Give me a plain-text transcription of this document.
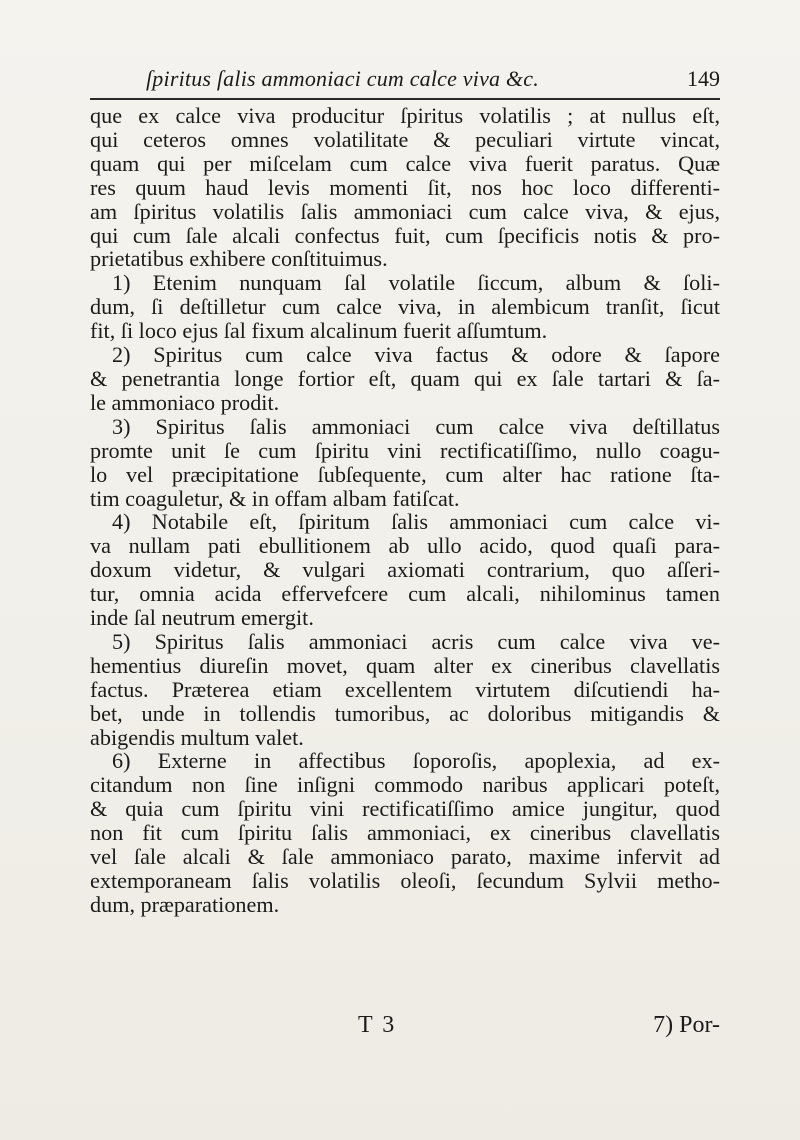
ſpiritus ſalis ammoniaci cum calce viva &c.	149
que ex calce viva producitur ſpiritus volatilis ; at nullus eſt,
qui ceteros omnes volatilitate & peculiari virtute vincat,
quam qui per miſcelam cum calce viva fuerit paratus. Quæ
res quum haud levis momenti ſit, nos hoc loco differenti-
am ſpiritus volatilis ſalis ammoniaci cum calce viva, & ejus,
qui cum ſale alcali confectus fuit, cum ſpecificis notis & pro-
prietatibus exhibere conſtituimus.
1) Etenim nunquam ſal volatile ſiccum, album & ſoli-
dum, ſi deſtilletur cum calce viva, in alembicum tranſit, ſicut
fit, ſi loco ejus ſal fixum alcalinum fuerit aſſumtum.
2) Spiritus cum calce viva factus & odore & ſapore
& penetrantia longe fortior eſt, quam qui ex ſale tartari & ſa-
le ammoniaco prodit.
3) Spiritus ſalis ammoniaci cum calce viva deſtillatus
promte unit ſe cum ſpiritu vini rectificatiſſimo, nullo coagu-
lo vel præcipitatione ſubſequente, cum alter hac ratione ſta-
tim coaguletur, & in offam albam fatiſcat.
4) Notabile eſt, ſpiritum ſalis ammoniaci cum calce vi-
va nullam pati ebullitionem ab ullo acido, quod quaſi para-
doxum videtur, & vulgari axiomati contrarium, quo aſſeri-
tur, omnia acida effervefcere cum alcali, nihilominus tamen
inde ſal neutrum emergit.
5) Spiritus ſalis ammoniaci acris cum calce viva ve-
hementius diureſin movet, quam alter ex cineribus clavellatis
factus. Præterea etiam excellentem virtutem diſcutiendi ha-
bet, unde in tollendis tumoribus, ac doloribus mitigandis &
abigendis multum valet.
6) Externe in affectibus ſoporoſis, apoplexia, ad ex-
citandum non ſine inſigni commodo naribus applicari poteſt,
& quia cum ſpiritu vini rectificatiſſimo amice jungitur, quod
non fit cum ſpiritu ſalis ammoniaci, ex cineribus clavellatis
vel ſale alcali & ſale ammoniaco parato, maxime infervit ad
extemporaneam ſalis volatilis oleoſi, ſecundum Sylvii metho-
dum, præparationem.
T 3	7) Por-
